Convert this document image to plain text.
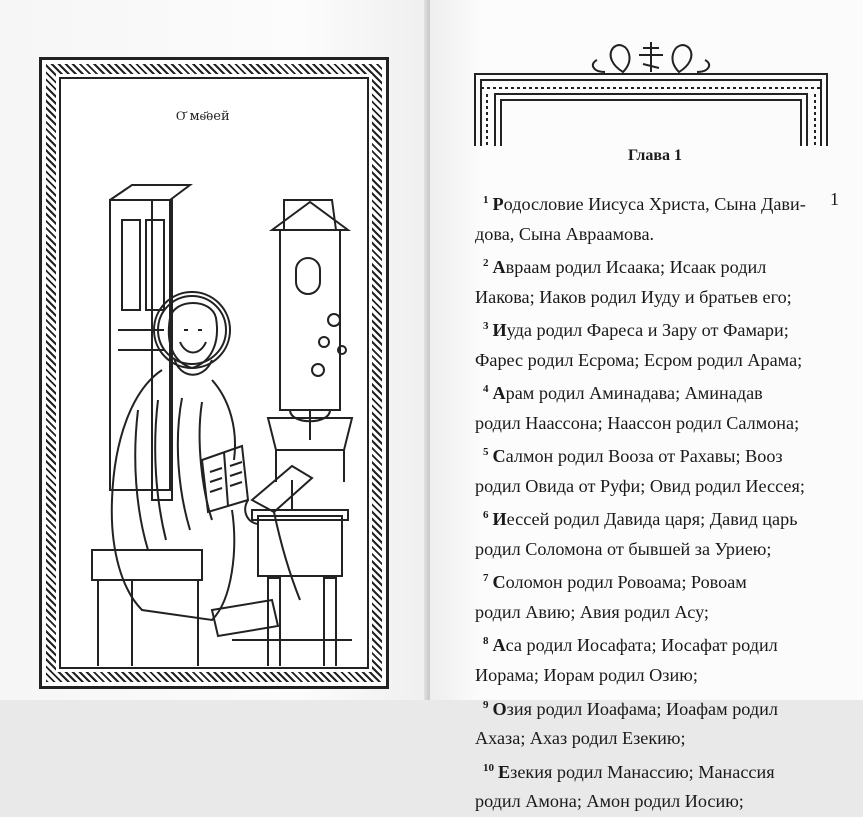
О҃ мѳ҃ѳей
Глава 1
1
$^1$ Родословие Иисуса Христа, Сына Дави-
дова, Сына Авраамова.
$^2$ Авраам родил Исаака; Исаак родил
Иакова; Иаков родил Иуду и братьев его;
$^3$ Иуда родил Фареса и Зару от Фамари;
Фарес родил Есрома; Есром родил Арама;
$^4$ Арам родил Аминадава; Аминадав
родил Наассона; Наассон родил Салмона;
$^5$ Салмон родил Вооза от Рахавы; Вооз
родил Овида от Руфи; Овид родил Иессея;
$^6$ Иессей родил Давида царя; Давид царь
родил Соломона от бывшей за Уриею;
$^7$ Соломон родил Ровоама; Ровоам
родил Авию; Авия родил Асу;
$^8$ Аса родил Иосафата; Иосафат родил
Иорама; Иорам родил Озию;
$^9$ Озия родил Иоафама; Иоафам родил
Ахаза; Ахаз родил Езекию;
$^{10}$ Езекия родил Манассию; Манассия
родил Амона; Амон родил Иосию;
